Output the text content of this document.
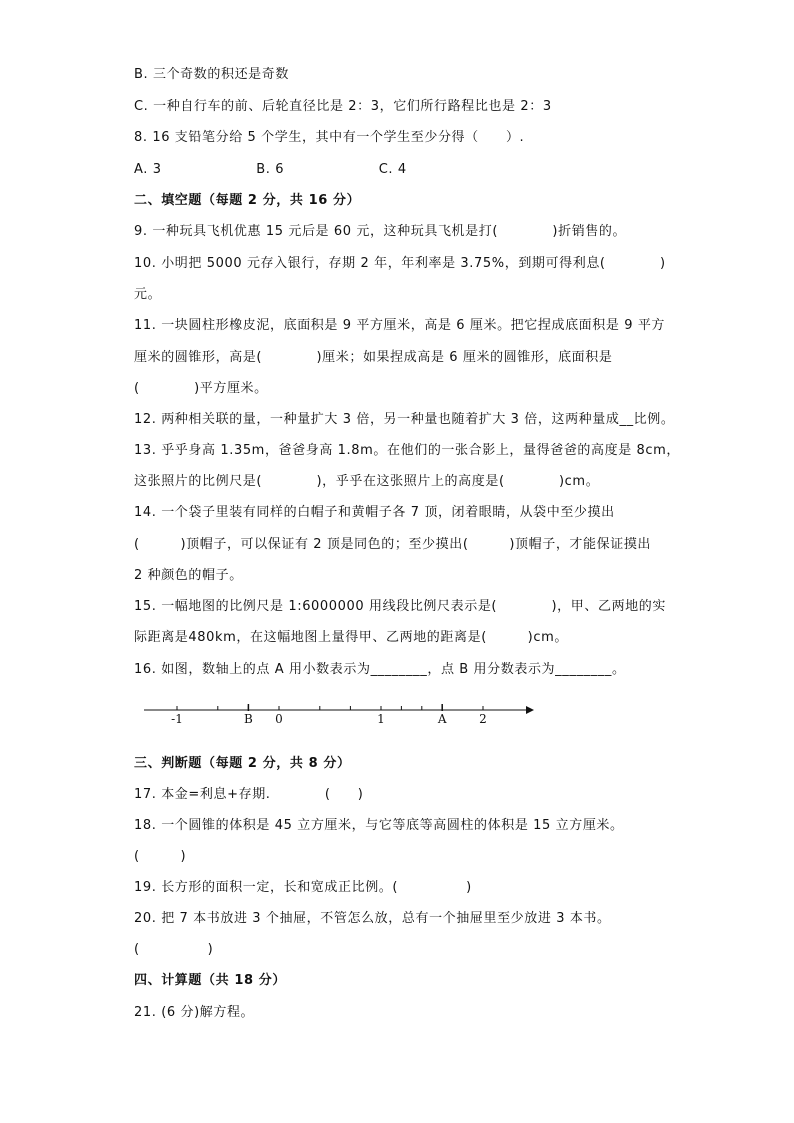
B. 三个奇数的积还是奇数
C. 一种自行车的前、后轮直径比是 2：3，它们所行路程比也是 2：3
8. 16 支铅笔分给 5 个学生，其中有一个学生至少分得（　　）.
A. 3                    B. 6                    C. 4
二、填空题（每题 2 分，共 16 分）
9. 一种玩具飞机优惠 15 元后是 60 元，这种玩具飞机是打(　　　　)折销售的。
10. 小明把 5000 元存入银行，存期 2 年，年利率是 3.75%，到期可得利息(　　　　)
元。
11. 一块圆柱形橡皮泥，底面积是 9 平方厘米，高是 6 厘米。把它捏成底面积是 9 平方
厘米的圆锥形，高是(　　　　)厘米；如果捏成高是 6 厘米的圆锥形，底面积是
(　　　　)平方厘米。
12. 两种相关联的量，一种量扩大 3 倍，另一种量也随着扩大 3 倍，这两种量成__比例。
13. 乎乎身高 1.35m，爸爸身高 1.8m。在他们的一张合影上，量得爸爸的高度是 8cm，
这张照片的比例尺是(　　　　)，乎乎在这张照片上的高度是(　　　　)cm。
14. 一个袋子里装有同样的白帽子和黄帽子各 7 顶，闭着眼睛，从袋中至少摸出
(　　　)顶帽子，可以保证有 2 顶是同色的；至少摸出(　　　)顶帽子，才能保证摸出
2 种颜色的帽子。
15. 一幅地图的比例尺是 1:6000000 用线段比例尺表示是(　　　　)，甲、乙两地的实
际距离是480km，在这幅地图上量得甲、乙两地的距离是(　　　)cm。
16. 如图，数轴上的点 A 用小数表示为________，点 B 用分数表示为________。
-1	0	1	2
B	A
三、判断题（每题 2 分，共 8 分）
17. 本金=利息+存期.　　　　(　　)
18. 一个圆锥的体积是 45 立方厘米，与它等底等高圆柱的体积是 15 立方厘米。
(　　　)
19. 长方形的面积一定，长和宽成正比例。(　　　　　)
20. 把 7 本书放进 3 个抽屉，不管怎么放，总有一个抽屉里至少放进 3 本书。
(　　　　　)
四、计算题（共 18 分）
21. (6 分)解方程。
